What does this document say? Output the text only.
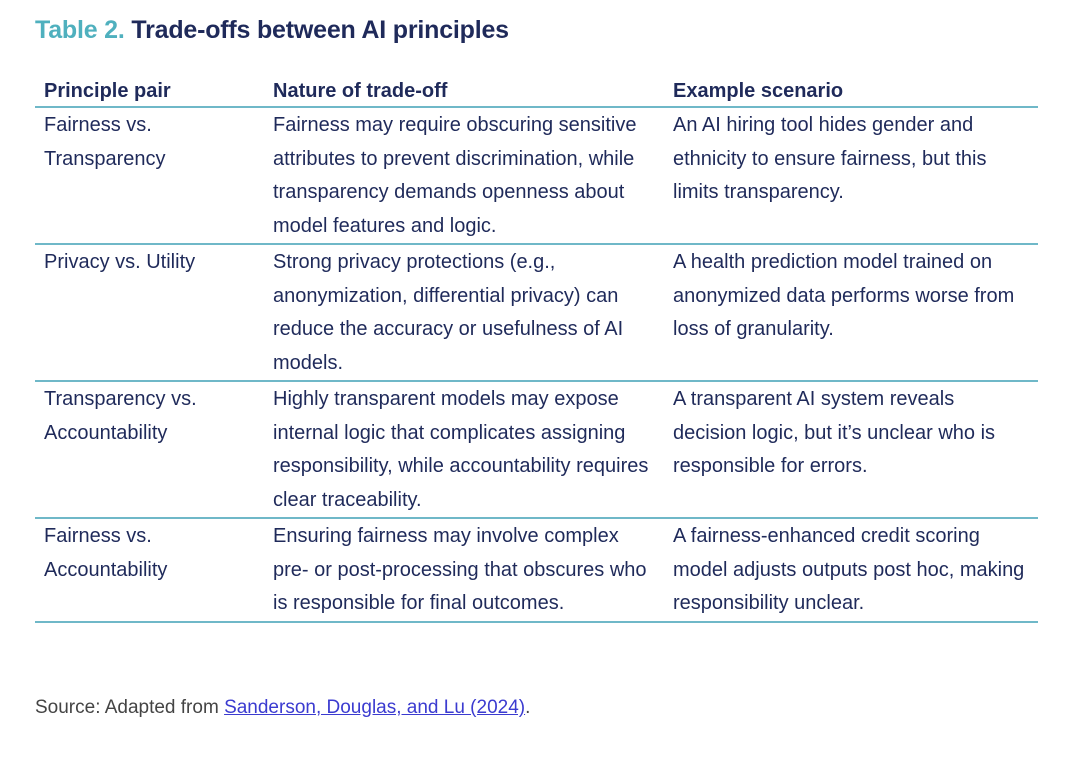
Table 2. Trade-offs between AI principles
Principle pair	Nature of trade-off	Example scenario
Fairness vs. Transparency	Fairness may require obscuring sensitive attributes to prevent discrimination, while transparency demands openness about model features and logic.	An AI hiring tool hides gender and ethnicity to ensure fairness, but this limits transparency.
Privacy vs. Utility	Strong privacy protections (e.g., anonymization, differential privacy) can reduce the accuracy or usefulness of AI models.	A health prediction model trained on anonymized data performs worse from loss of granularity.
Transparency vs. Accountability	Highly transparent models may expose internal logic that complicates assigning responsibility, while accountability requires clear traceability.	A transparent AI system reveals decision logic, but it’s unclear who is responsible for errors.
Fairness vs. Accountability	Ensuring fairness may involve complex pre- or post-processing that obscures who is responsible for final outcomes.	A fairness-enhanced credit scoring model adjusts outputs post hoc, making responsibility unclear.
Source: Adapted from Sanderson, Douglas, and Lu (2024).
